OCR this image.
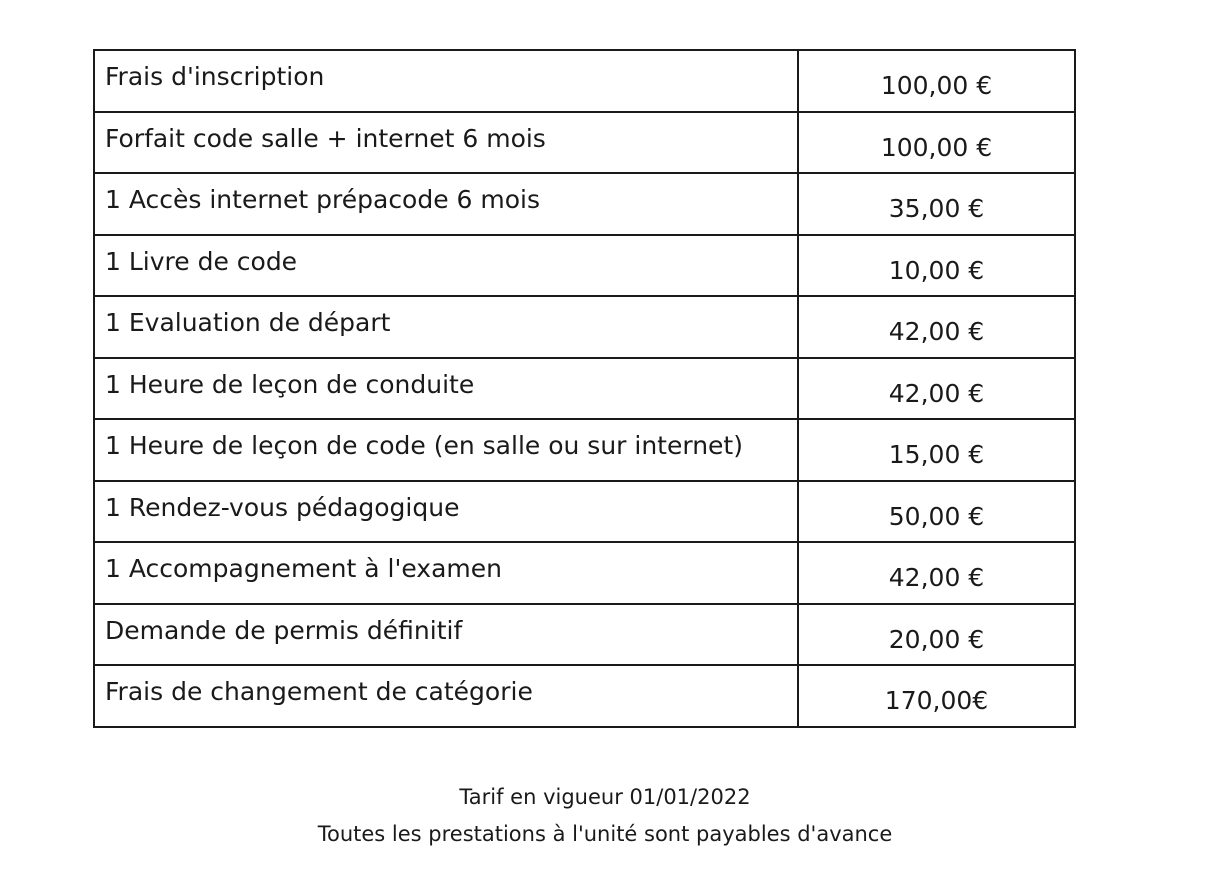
Frais d'inscription	100,00 €
Forfait code salle + internet 6 mois	100,00 €
1 Accès internet prépacode 6 mois	35,00 €
1 Livre de code	10,00 €
1 Evaluation de départ	42,00 €
1 Heure de leçon de conduite	42,00 €
1 Heure de leçon de code (en salle ou sur internet)	15,00 €
1 Rendez-vous pédagogique	50,00 €
1 Accompagnement à l'examen	42,00 €
Demande de permis définitif	20,00 €
Frais de changement de catégorie	170,00€
Tarif en vigueur 01/01/2022
Toutes les prestations à l'unité sont payables d'avance
